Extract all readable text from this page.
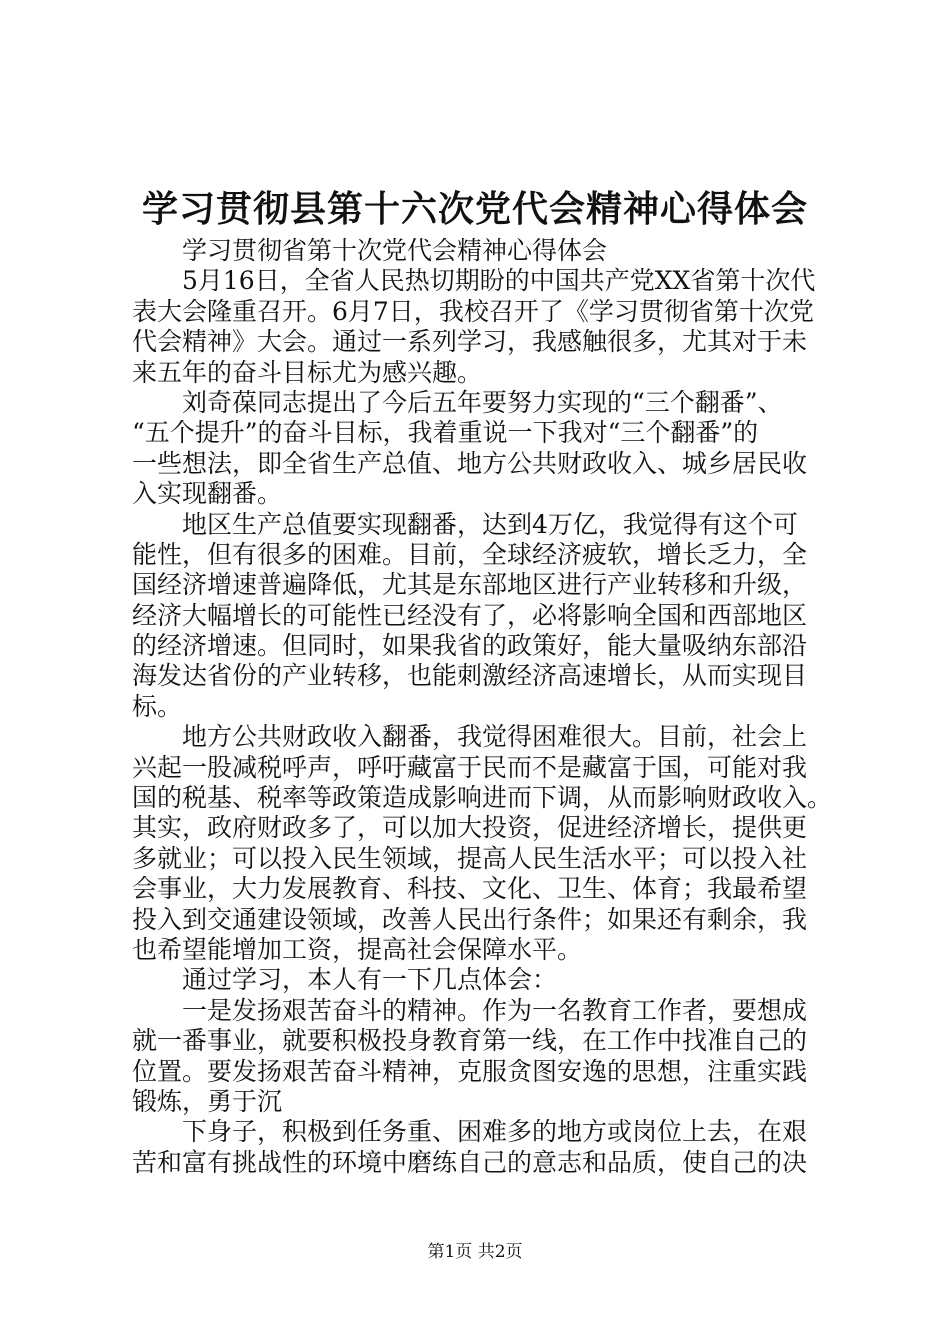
学习贯彻县第十六次党代会精神心得体会
学习贯彻省第十次党代会精神心得体会
5月16日，全省人民热切期盼的中国共产党XX省第十次代
表大会隆重召开。6月7日，我校召开了《学习贯彻省第十次党
代会精神》大会。通过一系列学习，我感触很多，尤其对于未
来五年的奋斗目标尤为感兴趣。
刘奇葆同志提出了今后五年要努力实现的“三个翻番”、
“五个提升”的奋斗目标，我着重说一下我对“三个翻番”的
一些想法，即全省生产总值、地方公共财政收入、城乡居民收
入实现翻番。
地区生产总值要实现翻番，达到4万亿，我觉得有这个可
能性，但有很多的困难。目前，全球经济疲软，增长乏力，全
国经济增速普遍降低，尤其是东部地区进行产业转移和升级，
经济大幅增长的可能性已经没有了，必将影响全国和西部地区
的经济增速。但同时，如果我省的政策好，能大量吸纳东部沿
海发达省份的产业转移，也能刺激经济高速增长，从而实现目
标。
地方公共财政收入翻番，我觉得困难很大。目前，社会上
兴起一股减税呼声，呼吁藏富于民而不是藏富于国，可能对我
国的税基、税率等政策造成影响进而下调，从而影响财政收入。
其实，政府财政多了，可以加大投资，促进经济增长，提供更
多就业；可以投入民生领域，提高人民生活水平；可以投入社
会事业，大力发展教育、科技、文化、卫生、体育；我最希望
投入到交通建设领域，改善人民出行条件；如果还有剩余，我
也希望能增加工资，提高社会保障水平。
通过学习，本人有一下几点体会：
一是发扬艰苦奋斗的精神。作为一名教育工作者，要想成
就一番事业，就要积极投身教育第一线，在工作中找准自己的
位置。要发扬艰苦奋斗精神，克服贪图安逸的思想，注重实践
锻炼，勇于沉
下身子，积极到任务重、困难多的地方或岗位上去，在艰
苦和富有挑战性的环境中磨练自己的意志和品质，使自己的决
第1页 共2页
